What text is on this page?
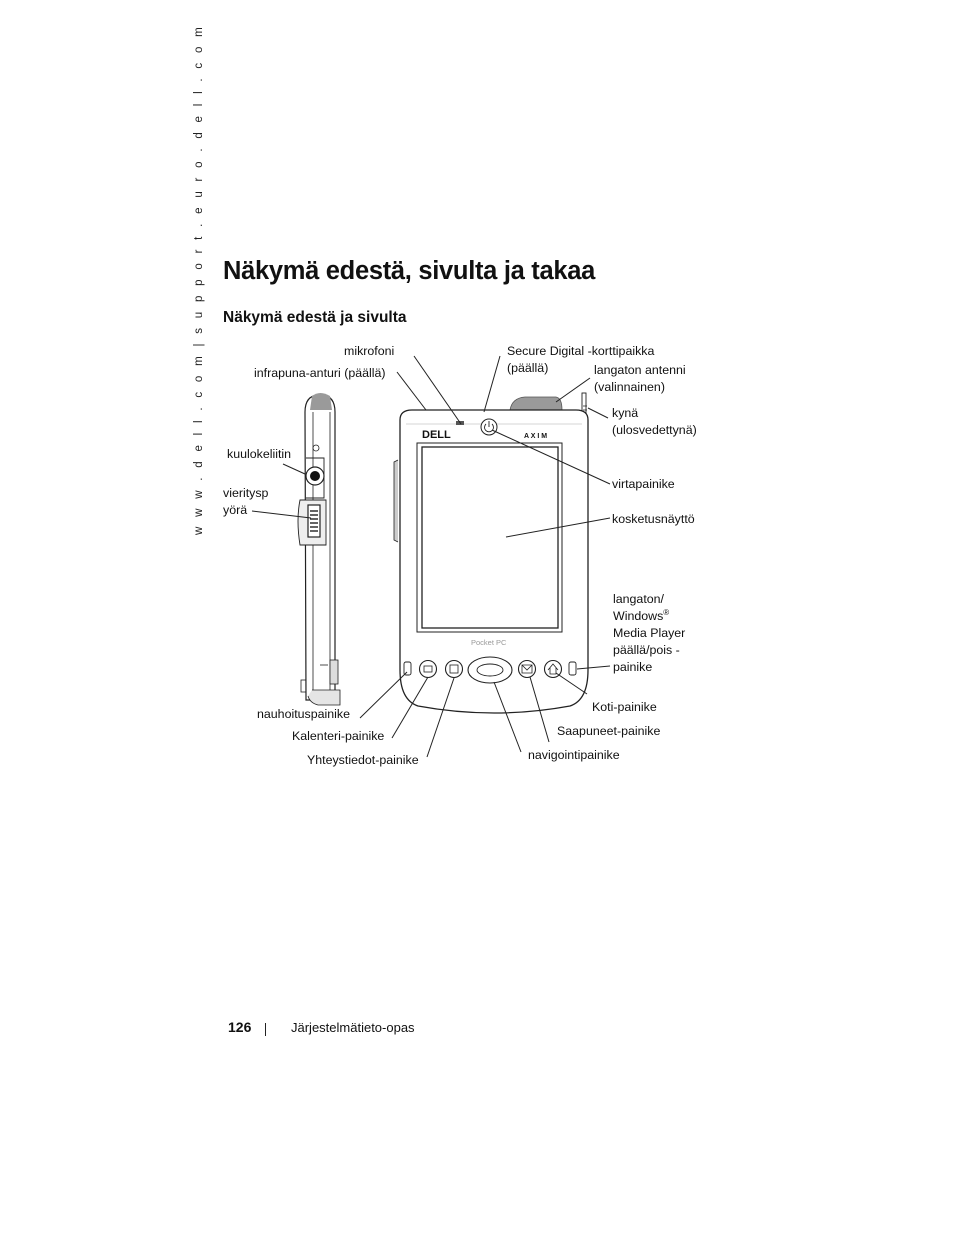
w w w . d e l l . c o m | s u p p o r t . e u r o . d e l l . c o m Näkymä edestä, sivulta ja takaa
Näkymä edestä ja sivulta
DELL	A X I M
Pocket PC
mikrofoni
infrapuna-anturi (päällä)
Secure Digital -korttipaikka
(päällä)	langaton antenni
(valinnainen)
kynä
(ulosvedettynä)
kuulokeliitin
vieritysp
yörä
virtapainike
kosketusnäyttö
langaton/
Windows®
Media Player
päällä/pois -
painike
Koti-painike
Saapuneet-painike
navigointipainike
nauhoituspainike
Kalenteri-painike
Yhteystiedot-painike
126	Järjestelmätieto-opas
